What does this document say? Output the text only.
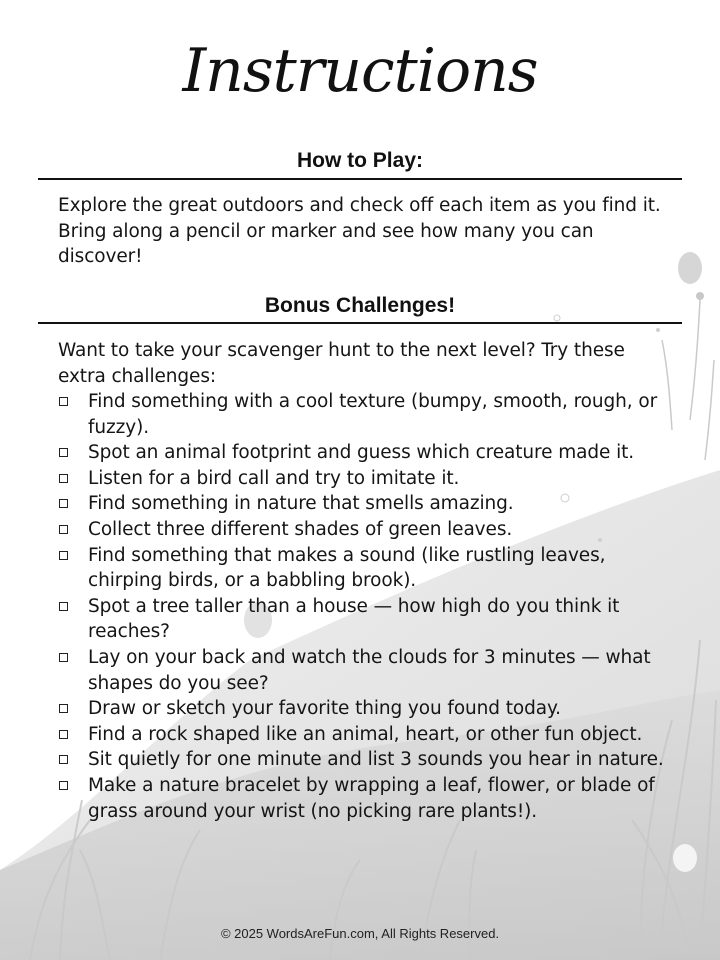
Instructions
How to Play:
Explore the great outdoors and check off each item as you find it. Bring along a pencil or marker and see how many you can discover!
Bonus Challenges!
Want to take your scavenger hunt to the next level? Try these extra challenges:
Find something with a cool texture (bumpy, smooth, rough, or fuzzy).
Spot an animal footprint and guess which creature made it.
Listen for a bird call and try to imitate it.
Find something in nature that smells amazing.
Collect three different shades of green leaves.
Find something that makes a sound (like rustling leaves, chirping birds, or a babbling brook).
Spot a tree taller than a house — how high do you think it reaches?
Lay on your back and watch the clouds for 3 minutes — what shapes do you see?
Draw or sketch your favorite thing you found today.
Find a rock shaped like an animal, heart, or other fun object.
Sit quietly for one minute and list 3 sounds you hear in nature.
Make a nature bracelet by wrapping a leaf, flower, or blade of grass around your wrist (no picking rare plants!).
© 2025 WordsAreFun.com, All Rights Reserved.
